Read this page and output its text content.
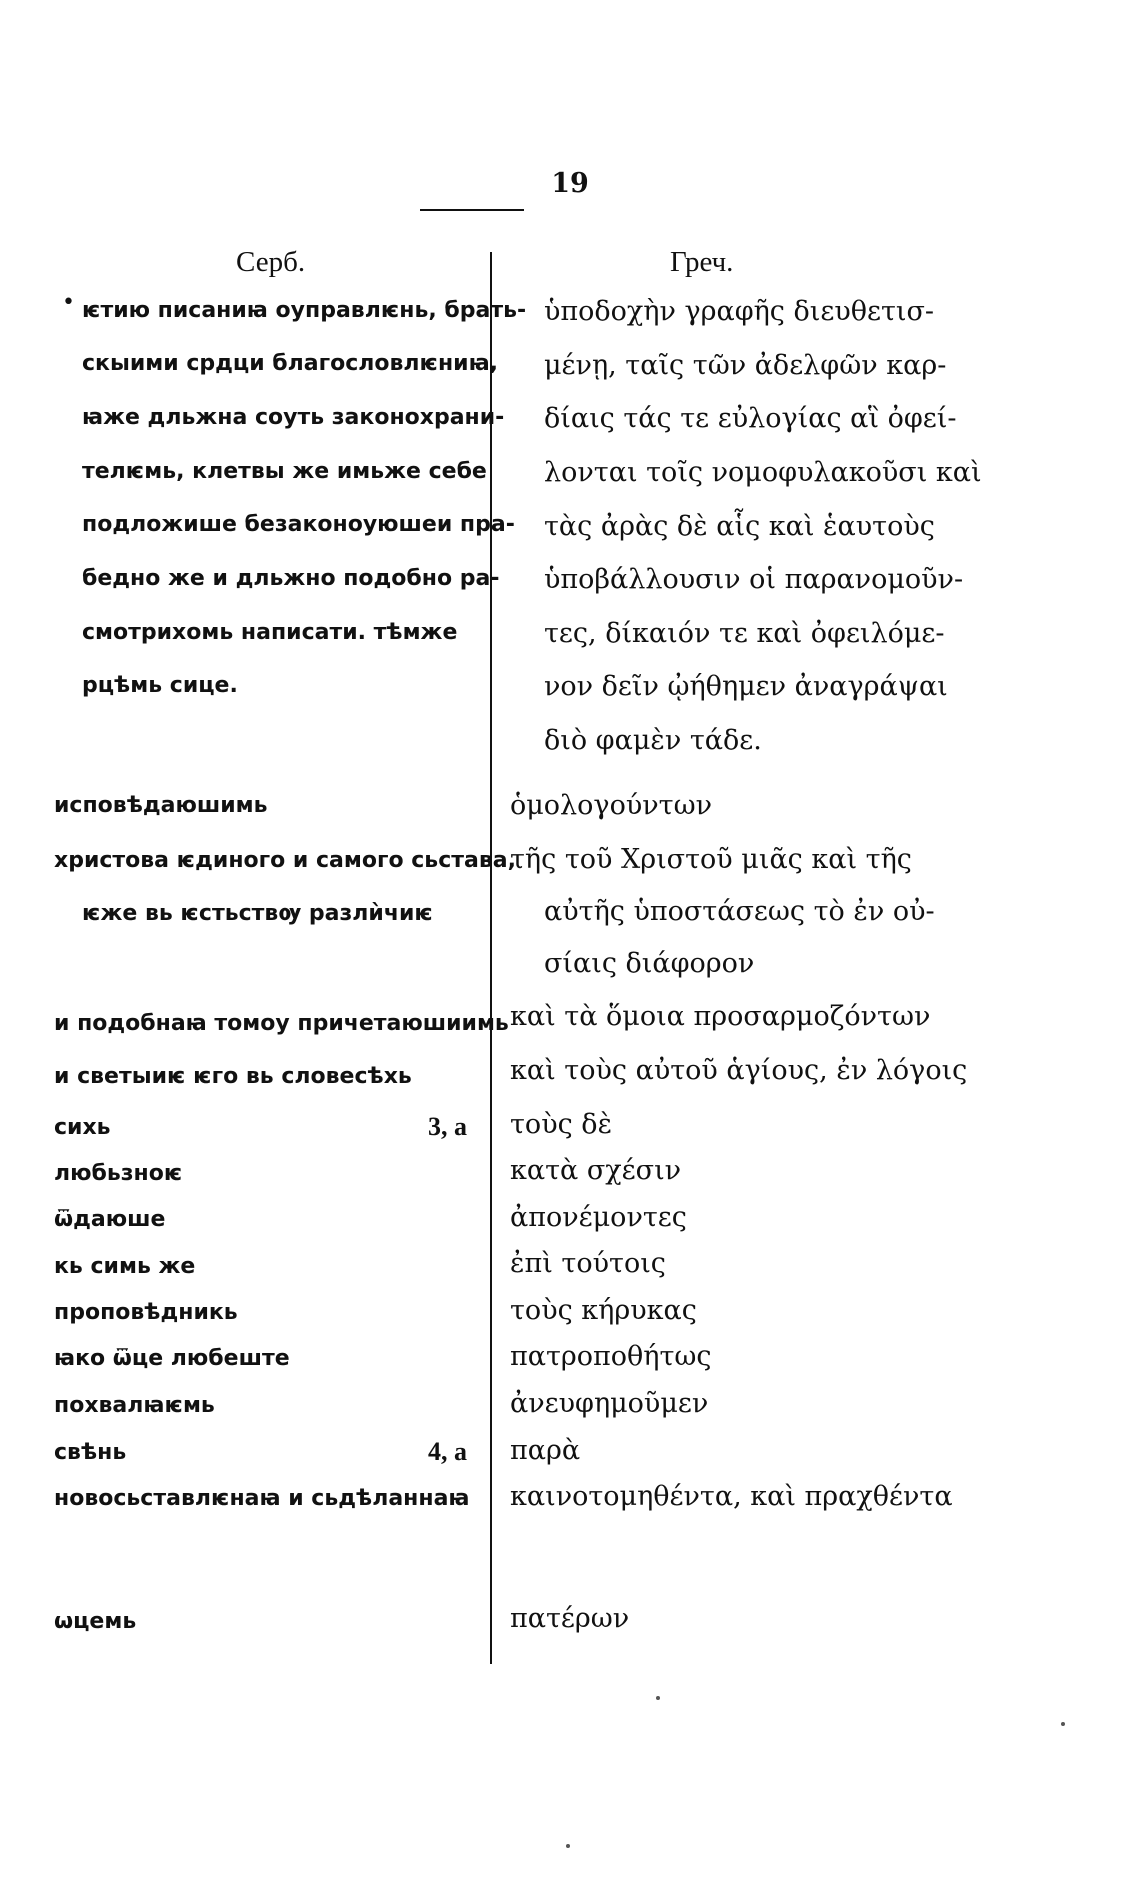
19
Серб.	Греч.
• ѥтию писаниꙗ оуправлѥнь, брать-
скыими срдци благословлѥниꙗ,
ꙗже дльжна соуть законохрани-
телѥмь, клетвы же имьже себе
подложише безаконоуюшеи пра-
бедно же и дльжно подобно ра-
смотрихомь написати. тѣмже
рцѣмь сице.
ὑποδοχὴν γραφῆς διευθετισ-
μένῃ, ταῖς τῶν ἀδελφῶν καρ-
δίαις τάς τε εὐλογίας αἳ ὀφεί-
λονται τοῖς νομοφυλακοῦσι καὶ
τὰς ἀρὰς δὲ αἷς καὶ ἑαυτοὺς
ὑποβάλλουσιν οἱ παρανομοῦν-
τες, δίκαιόν τε καὶ ὀφειλόμε-
νον δεῖν ᾠήθημεν ἀναγράψαι
διὸ φαμὲν τάδε.
исповѣдаюшимь
христова ѥдиного и самого сьстава,
ѥже вь ѥстьствѹ разлѝчиѥ
и подобнаꙗ томоу причетаюшиимь
и светыиѥ ѥго вь словесѣхь
сихь
любьзноѥ
ѿдаюше
кь симь же
проповѣдникь
ꙗко ѿце любеште
похвалꙗѥмь
свѣнь
новосьставлѥнаꙗ и сьдѣланнаꙗ
ѡцемь
3, a
4, a
ὁμολογούντων
τῆς τοῦ Χριστοῦ μιᾶς καὶ τῆς
αὐτῆς ὑποστάσεως τὸ ἐν οὐ-
σίαις διάφορον
καὶ τὰ ὅμοια προσαρμοζόντων
καὶ τοὺς αὐτοῦ ἁγίους, ἐν λόγοις
τοὺς δὲ
κατὰ σχέσιν
ἀπονέμοντες
ἐπὶ τούτοις
τοὺς κήρυκας
πατροποθήτως
ἀνευφημοῦμεν
παρὰ
καινοτομηθέντα, καὶ πραχθέντα
πατέρων
